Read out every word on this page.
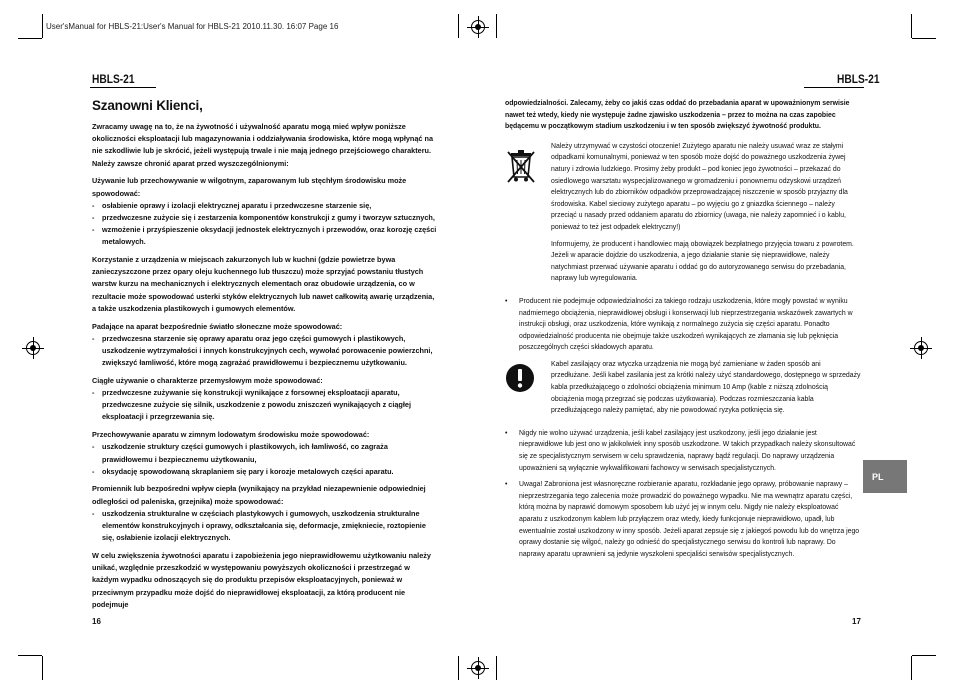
User'sManual for HBLS-21:User's Manual for HBLS-21 2010.11.30. 16:07 Page 16
HBLS-21	HBLS-21
Szanowni Klienci,

Zwracamy uwagę na to, że na żywotność i używalność aparatu mogą mieć wpływ poniższe okoliczności eksploatacji lub magazynowania i oddziaływania środowiska, które mogą wpłynąć na nie szkodliwie lub je skrócić, jeżeli występują trwale i nie mają jednego przejściowego charakteru. Należy zawsze chronić aparat przed wyszczególnionymi:

Używanie lub przechowywanie w wilgotnym, zaparowanym lub stęchłym środowisku może spowodować:

-	osłabienie oprawy i izolacji elektrycznej aparatu i przedwczesne starzenie się,
-	przedwczesne zużycie się i zestarzenia komponentów konstrukcji z gumy i tworzyw sztucznych,
-	wzmożenie i przyśpieszenie oksydacji jednostek elektrycznych i przewodów, oraz korozję części metalowych.

Korzystanie z urządzenia w miejscach zakurzonych lub w kuchni (gdzie powietrze bywa zanieczyszczone przez opary oleju kuchennego lub tłuszczu) może sprzyjać powstaniu tłustych warstw kurzu na mechanicznych i elektrycznych elementach oraz obudowie urządzenia, co w rezultacie może spowodować usterki styków elektrycznych lub nawet całkowitą awarię urządzenia, a także uszkodzenia plastikowych i gumowych elementów.

Padające na aparat bezpośrednie światło słoneczne może spowodować:

-	przedwczesna starzenie się oprawy aparatu oraz jego części gumowych i plastikowych, uszkodzenie wytrzymałości i innych konstrukcyjnych cech, wywołać porowacenie powierzchni, zwiększyć łamliwość, które mogą zagrażać prawidłowemu i bezpiecznemu użytkowaniu.

Ciągłe używanie o charakterze przemysłowym może spowodować:

-	przedwczesne zużywanie się konstrukcji wynikające z forsownej eksploatacji aparatu, przedwczesne zużycie się silnik, uszkodzenie z powodu zniszczeń wynikających z ciągłej eksploatacji i przegrzewania się.

Przechowywanie aparatu w zimnym lodowatym środowisku może spowodować:

-	uszkodzenie struktury części gumowych i plastikowych, ich łamliwość, co zagraża prawidłowemu i bezpiecznemu użytkowaniu,
-	oksydację spowodowaną skraplaniem się pary i korozje metalowych części aparatu.

Promiennik lub bezpośredni wpływ ciepła (wynikający na przykład niezapewnienie odpowiedniej odległości od paleniska, grzejnika) może spowodować:

-	uszkodzenia strukturalne w częściach plastykowych i gumowych, uszkodzenia strukturalne elementów konstrukcyjnych i oprawy, odkształcania się, deformacje, zmiękniecie, roztopienie się, osłabienie izolacji elektrycznych.

W celu zwiększenia żywotności aparatu i zapobieżenia jego nieprawidłowemu użytkowaniu należy unikać, względnie przeszkodzić w występowaniu powyższych okoliczności i przestrzegać w każdym wypadku odnoszących się do produktu przepisów eksploatacyjnych, ponieważ w przeciwnym przypadku może dojść do nieprawidłowej eksploatacji, za którą producent nie podejmuje

odpowiedzialności. Zalecamy, żeby co jakiś czas oddać do przebadania aparat w upoważnionym serwisie nawet też wtedy, kiedy nie występuje żadne zjawisko uszkodzenia – przez to można na czas zapobiec będącemu w początkowym stadium uszkodzeniu i w ten sposób zwiększyć żywotność produktu.

Należy utrzymywać w czystości otoczenie! Zużytego aparatu nie należy usuwać wraz ze stałymi odpadkami komunalnymi, ponieważ w ten sposób może dojść do poważnego uszkodzenia żywej natury i zdrowia ludzkiego. Prosimy żeby produkt – pod koniec jego żywotności – przekazać do osiedlowego warsztatu wyspecjalizowanego w gromadzeniu i ponownemu odzyskowi urządzeń elektrycznych lub do zbiorników odpadków przeprowadzającej niszczenie w sposób przyjazny dla środowiska. Kabel sieciowy zużytego aparatu – po wyjęciu go z gniazdka ściennego – należy przeciąć u nasady przed oddaniem aparatu do zbiornicy (uwaga, nie należy zapomnieć i o kablu, ponieważ to też jest odpadek elektryczny!)

Informujemy, że producent i handlowiec mają obowiązek bezpłatnego przyjęcia towaru z powrotem.

Jeżeli w aparacie dojdzie do uszkodzenia, a jego działanie stanie się nieprawidłowe, należy natychmiast przerwać używanie aparatu i oddać go do autoryzowanego serwisu do przebadania, naprawy lub wyregulowania.

•	Producent nie podejmuje odpowiedzialności za takiego rodzaju uszkodzenia, które mogły powstać w wyniku nadmiernego obciążenia, nieprawidłowej obsługi i konserwacji lub nieprzestrzegania wskazówek zawartych w instrukcji obsługi, oraz uszkodzenia, które wynikają z normalnego zużycia się części aparatu. Ponadto odpowiedzialność producenta nie obejmuje także uszkodzeń wynikających ze złamania się lub pęknięcia poszczególnych części składowych aparatu.

Kabel zasilający oraz wtyczka urządzenia nie mogą być zamieniane w żaden sposób ani przedłużane. Jeśli kabel zasilania jest za krótki należy użyć standardowego, dostępnego w sprzedaży kabla przedłużającego o zdolności obciążenia minimum 10 Amp (kable z niższą zdolnością obciążenia mogą przegrzać się podczas użytkowania). Podczas rozmieszczania kabla przedłużającego należy pamiętać, aby nie powodować ryzyka potknięcia się.

•	Nigdy nie wolno używać urządzenia, jeśli kabel zasilający jest uszkodzony, jeśli jego działanie jest nieprawidłowe lub jest ono w jakikolwiek inny sposób uszkodzone. W takich przypadkach należy skonsultować się ze specjalistycznym serwisem w celu sprawdzenia, naprawy bądź regulacji. Do naprawy urządzenia upoważnieni są wyłącznie wykwalifikowani fachowcy w serwisach specjalistycznych.
•	Uwaga! Zabroniona jest własnoręczne rozbieranie aparatu, rozkładanie jego oprawy, próbowanie naprawy – nieprzestrzegania tego zalecenia może prowadzić do poważnego wypadku. Nie ma wewnątrz aparatu części, którą można by naprawić domowym sposobem lub użyć jej w innym celu. Nigdy nie należy eksploatować aparatu z uszkodzonym kablem lub przyłączem oraz wtedy, kiedy funkcjonuje nieprawidłowo, upadł, lub ewentualnie został uszkodzony w inny sposób. Jeżeli aparat zepsuje się z jakiegoś powodu lub do wnętrza jego oprawy dostanie się wilgoć, należy go odnieść do specjalistycznego serwisu do kontroli lub naprawy. Do naprawy aparatu uprawnieni są jedynie wyszkoleni specjaliści serwisów specjalistycznych.
16	17
PL
